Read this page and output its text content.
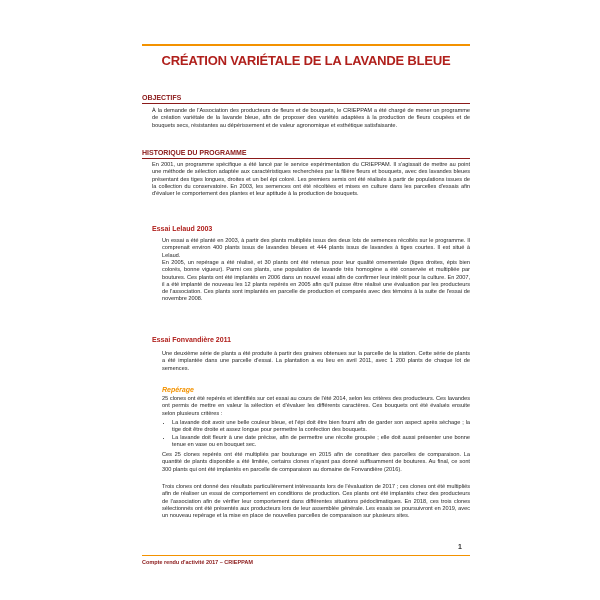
CRÉATION VARIÉTALE DE LA LAVANDE BLEUE
OBJECTIFS

À la demande de l'Association des producteurs de fleurs et de bouquets, le CRIEPPAM a été chargé de mener un programme de création variétale de la lavande bleue, afin de proposer des variétés adaptées à la production de fleurs coupées et de bouquets secs, résistantes au dépérissement et de valeur agronomique et esthétique satisfaisante.

HISTORIQUE DU PROGRAMME

En 2001, un programme spécifique a été lancé par le service expérimentation du CRIEPPAM. Il s'agissait de mettre au point une méthode de sélection adaptée aux caractéristiques recherchées par la filière fleurs et bouquets, avec des lavandes bleues présentant des tiges longues, droites et un bel épi coloré. Les premiers semis ont été réalisés à partir de populations issues de la collection du conservatoire. En 2003, les semences ont été récoltées et mises en culture dans les parcelles d'essais afin d'évaluer le comportement des plantes et leur aptitude à la production de bouquets.

Essai Lelaud 2003

Un essai a été planté en 2003, à partir des plants multipliés issus des deux lots de semences récoltés sur le programme. Il comprenait environ 400 plants issus de lavandes bleues et 444 plants issus de lavandes à tiges courtes. Il est situé à Lelaud.

En 2005, un repérage a été réalisé, et 30 plants ont été retenus pour leur qualité ornementale (tiges droites, épis bien colorés, bonne vigueur). Parmi ces plants, une population de lavande très homogène a été conservée et multipliée par boutures. Ces plants ont été implantés en 2006 dans un nouvel essai afin de confirmer leur intérêt pour la culture. En 2007, il a été implanté de nouveau les 12 plants repérés en 2005 afin qu'il puisse être réalisé une évaluation par les producteurs de l'association. Ces plants sont implantés en parcelle de production et comparés avec des témoins à la suite de l'essai de novembre 2008.

Essai Fonvandière 2011

Une deuxième série de plants a été produite à partir des graines obtenues sur la parcelle de la station. Cette série de plants a été implantée dans une parcelle d'essai. La plantation a eu lieu en avril 2011, avec 1 200 plants de chaque lot de semences.

Repérage

25 clones ont été repérés et identifiés sur cet essai au cours de l'été 2014, selon les critères des producteurs. Ces lavandes ont permis de mettre en valeur la sélection et d'évaluer les différents caractères. Ces bouquets ont été évalués ensuite selon plusieurs critères :

• La lavande doit avoir une belle couleur bleue, et l'épi doit être bien fourni afin de garder son aspect après séchage ; la tige doit être droite et assez longue pour permettre la confection des bouquets.
• La lavande doit fleurir à une date précise, afin de permettre une récolte groupée ; elle doit aussi présenter une bonne tenue en vase ou en bouquet sec.

Ces 25 clones repérés ont été multipliés par bouturage en 2015 afin de constituer des parcelles de comparaison. La quantité de plants disponible a été limitée, certains clones n'ayant pas donné suffisamment de boutures. Au final, ce sont 300 plants qui ont été implantés en parcelle de comparaison au domaine de Fonvandière (2016).

Trois clones ont donné des résultats particulièrement intéressants lors de l'évaluation de 2017 ; ces clones ont été multipliés afin de réaliser un essai de comportement en conditions de production. Ces plants ont été implantés chez des producteurs de l'association afin de vérifier leur comportement dans différentes situations pédoclimatiques. En 2018, ces trois clones sélectionnés ont été présentés aux producteurs lors de leur assemblée générale. Les essais se poursuivront en 2019, avec un nouveau repérage et la mise en place de nouvelles parcelles de comparaison sur plusieurs sites.

1
Compte rendu d'activité 2017 – CRIEPPAM
